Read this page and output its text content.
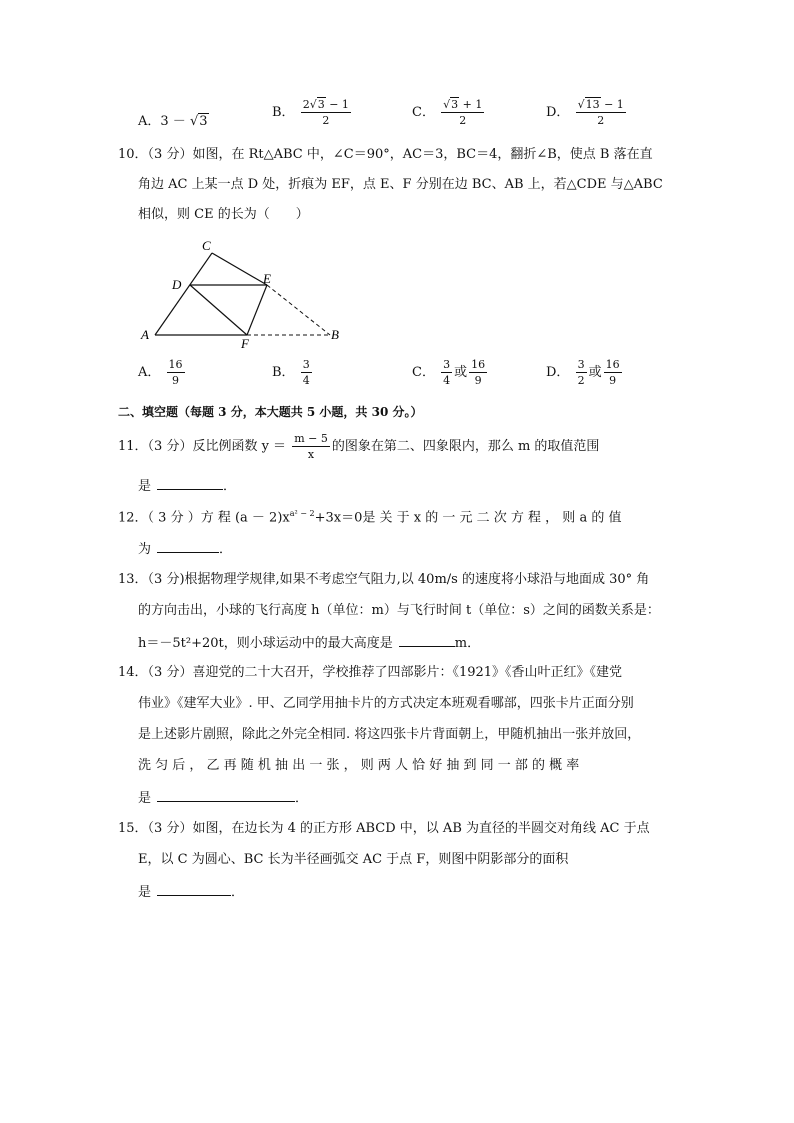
A．3 － √3
B． $\frac{2√3 - 1}{2}$	C． $\frac{√3 + 1}{2}$	D． $\frac{√13 - 1}{2}$
10．（3 分）如图，在 Rt△ABC 中，∠C＝90°，AC＝3，BC＝4，翻折∠B，使点 B 落在直
角边 AC 上某一点 D 处，折痕为 EF，点 E、F 分别在边 BC、AB 上，若△CDE 与△ABC
相似，则 CE 的长为（　　）
C
D	E
A
F
B
A． $\frac{16}{9}$	B． $\frac{3}{4}$	C． $\frac{3}{4}$ 或 $\frac{16}{9}$	D． $\frac{3}{2}$ 或 $\frac{16}{9}$
二、填空题（每题 3 分，本大题共 5 小题，共 30 分。）
11．（3 分）反比例函数 $y = \frac{m - 5}{x}$ 的图象在第二、四象限内，那么 m 的取值范围
是	．
12．（ 3 分 ）方 程 $(a - 2)x^{a^2 - 2}+3x=0$是 关 于 x 的 一 元 二 次 方 程 ， 则 a 的 值
为	．
13．（3 分)根据物理学规律,如果不考虑空气阻力,以 40m/s 的速度将小球沿与地面成 30° 角
的方向击出，小球的飞行高度 h（单位：m）与飞行时间 t（单位：s）之间的函数关系是：
h＝－5t²+20t，则小球运动中的最大高度是	m．
14．（3 分）喜迎党的二十大召开，学校推荐了四部影片：《1921》《香山叶正红》《建党
伟业》《建军大业》. 甲、乙同学用抽卡片的方式决定本班观看哪部，四张卡片正面分别
是上述影片剧照，除此之外完全相同. 将这四张卡片背面朝上，甲随机抽出一张并放回，
洗 匀 后 ， 乙 再 随 机 抽 出 一 张 ， 则 两 人 恰 好 抽 到 同 一 部 的 概 率
是	．
15．（3 分）如图，在边长为 4 的正方形 ABCD 中，以 AB 为直径的半圆交对角线 AC 于点
E，以 C 为圆心、BC 长为半径画弧交 AC 于点 F，则图中阴影部分的面积
是	．
